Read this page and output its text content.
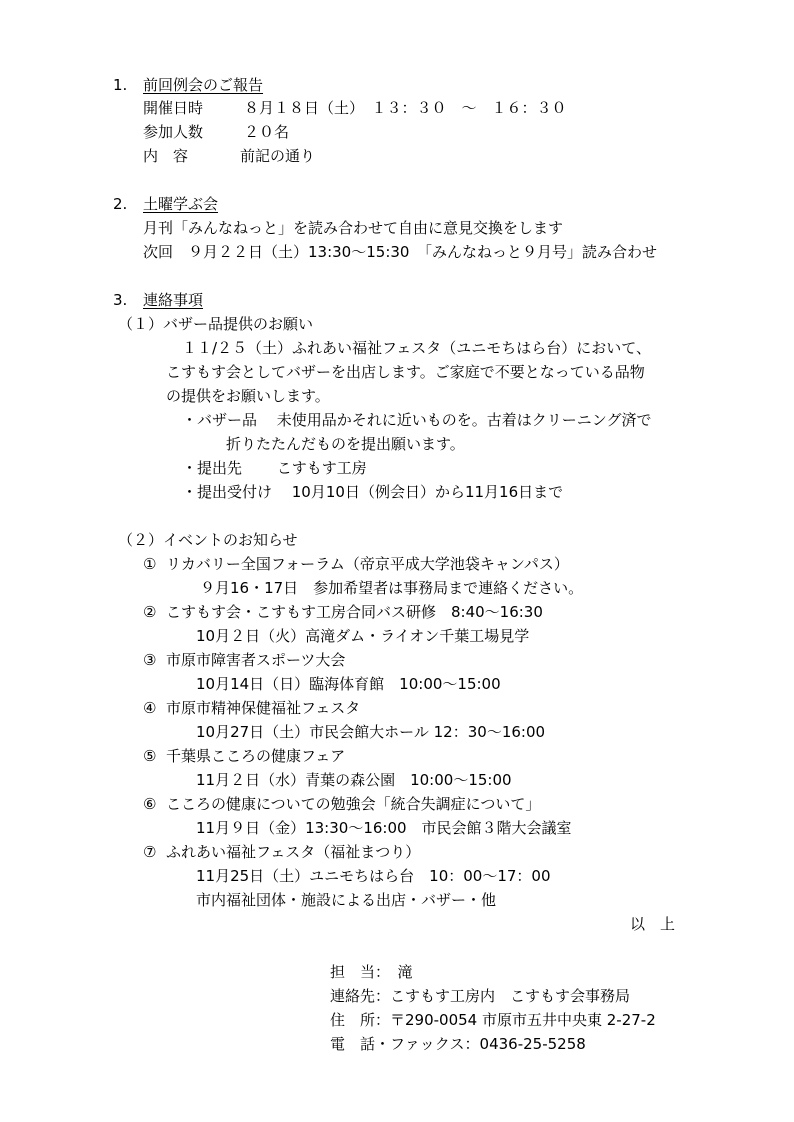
1. 前回例会のご報告
開催日時	８月１８日（土）　１３：３０　～　１６：３０
参加人数	２０名
内　容	前記の通り
2. 土曜学ぶ会
月刊「みんなねっと」を読み合わせて自由に意見交換をします
次回　９月２２日（土）13:30～15:30　「みんなねっと９月号」読み合わせ
3. 連絡事項
（１）バザー品提供のお願い
１１/２５（土）ふれあい福祉フェスタ（ユニモちはら台）において、
こすもす会としてバザーを出店します。ご家庭で不要となっている品物
の提供をお願いします。
・バザー品　 未使用品かそれに近いものを。古着はクリーニング済で
折りたたんだものを提出願います。
・提出先　　 こすもす工房
・提出受付け　 10月10日（例会日）から11月16日まで
（２）イベントのお知らせ
①  リカバリー全国フォーラム（帝京平成大学池袋キャンパス）
９月16・17日　参加希望者は事務局まで連絡ください。
②  こすもす会・こすもす工房合同バス研修　8:40～16:30
10月２日（火）高滝ダム・ライオン千葉工場見学
③  市原市障害者スポーツ大会
10月14日（日）臨海体育館　10:00～15:00
④  市原市精神保健福祉フェスタ
10月27日（土）市民会館大ホール 12：30～16:00
⑤  千葉県こころの健康フェア
11月２日（水）青葉の森公園　10:00～15:00
⑥  こころの健康についての勉強会「統合失調症について」
11月９日（金）13:30～16:00　市民会館３階大会議室
⑦  ふれあい福祉フェスタ（福祉まつり）
11月25日（土）ユニモちはら台　10：00～17：00
市内福祉団体・施設による出店・バザー・他
以　上
担　当：　滝
連絡先：こすもす工房内　こすもす会事務局
住　所：〒290-0054 市原市五井中央東 2-27-2
電　話・ファックス：0436-25-5258
